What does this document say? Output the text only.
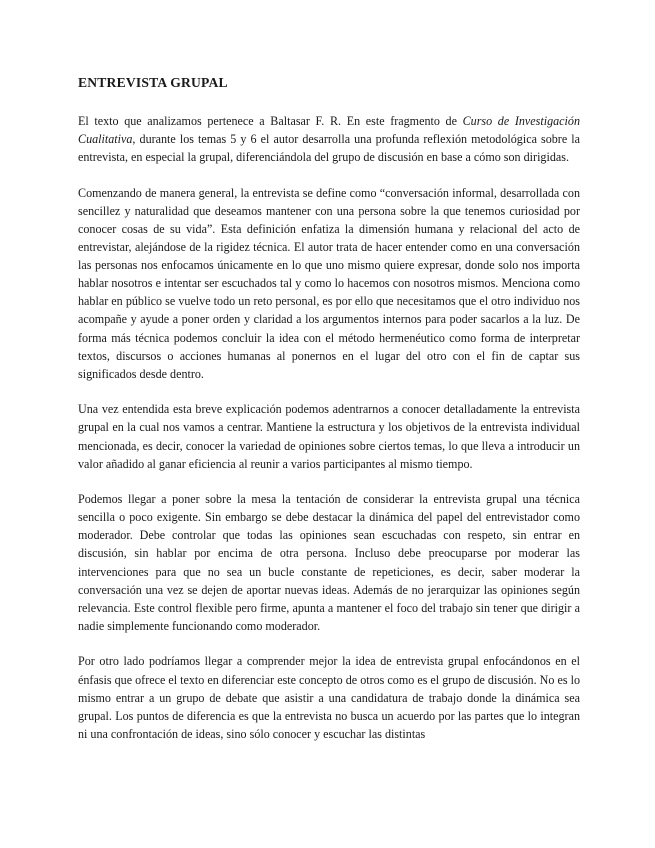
ENTREVISTA GRUPAL

El texto que analizamos pertenece a Baltasar F. R. En este fragmento de Curso de Investigación Cualitativa, durante los temas 5 y 6 el autor desarrolla una profunda reflexión metodológica sobre la entrevista, en especial la grupal, diferenciándola del grupo de discusión en base a cómo son dirigidas.

Comenzando de manera general, la entrevista se define como “conversación informal, desarrollada con sencillez y naturalidad que deseamos mantener con una persona sobre la que tenemos curiosidad por conocer cosas de su vida”. Esta definición enfatiza la dimensión humana y relacional del acto de entrevistar, alejándose de la rigidez técnica. El autor trata de hacer entender como en una conversación las personas nos enfocamos únicamente en lo que uno mismo quiere expresar, donde solo nos importa hablar nosotros e intentar ser escuchados tal y como lo hacemos con nosotros mismos. Menciona como hablar en público se vuelve todo un reto personal, es por ello que necesitamos que el otro individuo nos acompañe y ayude a poner orden y claridad a los argumentos internos para poder sacarlos a la luz. De forma más técnica podemos concluir la idea con el método hermenéutico como forma de interpretar textos, discursos o acciones humanas al ponernos en el lugar del otro con el fin de captar sus significados desde dentro.

Una vez entendida esta breve explicación podemos adentrarnos a conocer detalladamente la entrevista grupal en la cual nos vamos a centrar. Mantiene la estructura y los objetivos de la entrevista individual mencionada, es decir, conocer la variedad de opiniones sobre ciertos temas, lo que lleva a introducir un valor añadido al ganar eficiencia al reunir a varios participantes al mismo tiempo.

Podemos llegar a poner sobre la mesa la tentación de considerar la entrevista grupal una técnica sencilla o poco exigente. Sin embargo se debe destacar la dinámica del papel del entrevistador como moderador. Debe controlar que todas las opiniones sean escuchadas con respeto, sin entrar en discusión, sin hablar por encima de otra persona. Incluso debe preocuparse por moderar las intervenciones para que no sea un bucle constante de repeticiones, es decir, saber moderar la conversación una vez se dejen de aportar nuevas ideas. Además de no jerarquizar las opiniones según relevancia. Este control flexible pero firme, apunta a mantener el foco del trabajo sin tener que dirigir a nadie simplemente funcionando como moderador.

Por otro lado podríamos llegar a comprender mejor la idea de entrevista grupal enfocándonos en el énfasis que ofrece el texto en diferenciar este concepto de otros como es el grupo de discusión. No es lo mismo entrar a un grupo de debate que asistir a una candidatura de trabajo donde la dinámica sea grupal. Los puntos de diferencia es que la entrevista no busca un acuerdo por las partes que lo integran ni una confrontación de ideas, sino sólo conocer y escuchar las distintas
